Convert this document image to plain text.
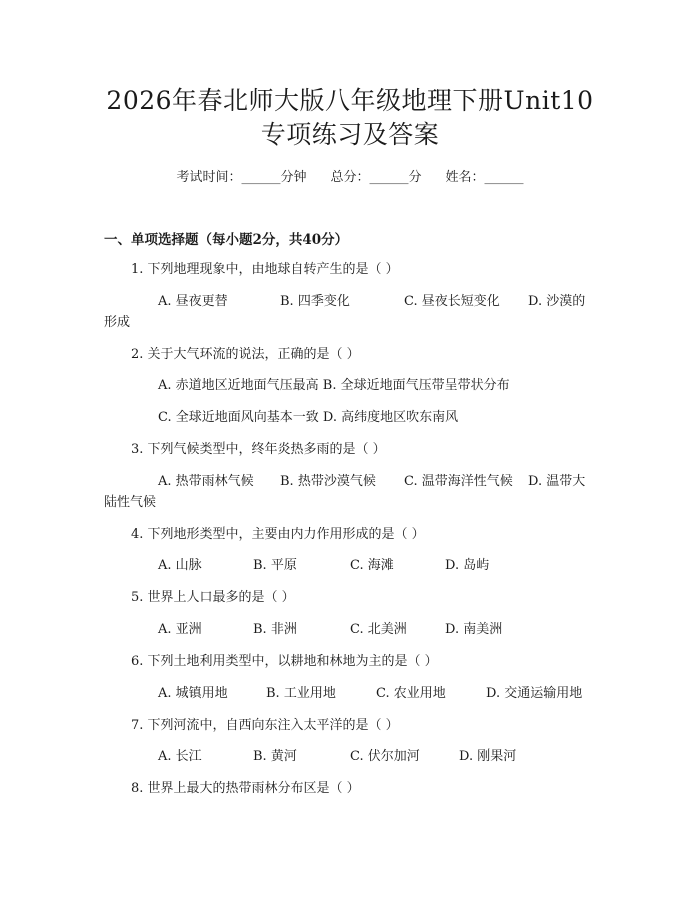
2026年春北师大版八年级地理下册Unit10
专项练习及答案
考试时间：______分钟 总分：______分 姓名：______
一、单项选择题（每小题2分，共40分）
1. 下列地理现象中，由地球自转产生的是（ ）
A. 昼夜更替	B. 四季变化	C. 昼夜长短变化 D. 沙漠的
形成
2. 关于大气环流的说法，正确的是（ ）
A. 赤道地区近地面气压最高 B. 全球近地面气压带呈带状分布
C. 全球近地面风向基本一致 D. 高纬度地区吹东南风
3. 下列气候类型中，终年炎热多雨的是（ ）
A. 热带雨林气候 B. 热带沙漠气候 C. 温带海洋性气候 D. 温带大
陆性气候
4. 下列地形类型中，主要由内力作用形成的是（ ）
A. 山脉	B. 平原	C. 海滩	D. 岛屿
5. 世界上人口最多的是（ ）
A. 亚洲	B. 非洲	C. 北美洲	D. 南美洲
6. 下列土地利用类型中，以耕地和林地为主的是（ ）
A. 城镇用地	B. 工业用地	C. 农业用地	D. 交通运输用地
7. 下列河流中，自西向东注入太平洋的是（ ）
A. 长江	B. 黄河	C. 伏尔加河	D. 刚果河
8. 世界上最大的热带雨林分布区是（ ）
